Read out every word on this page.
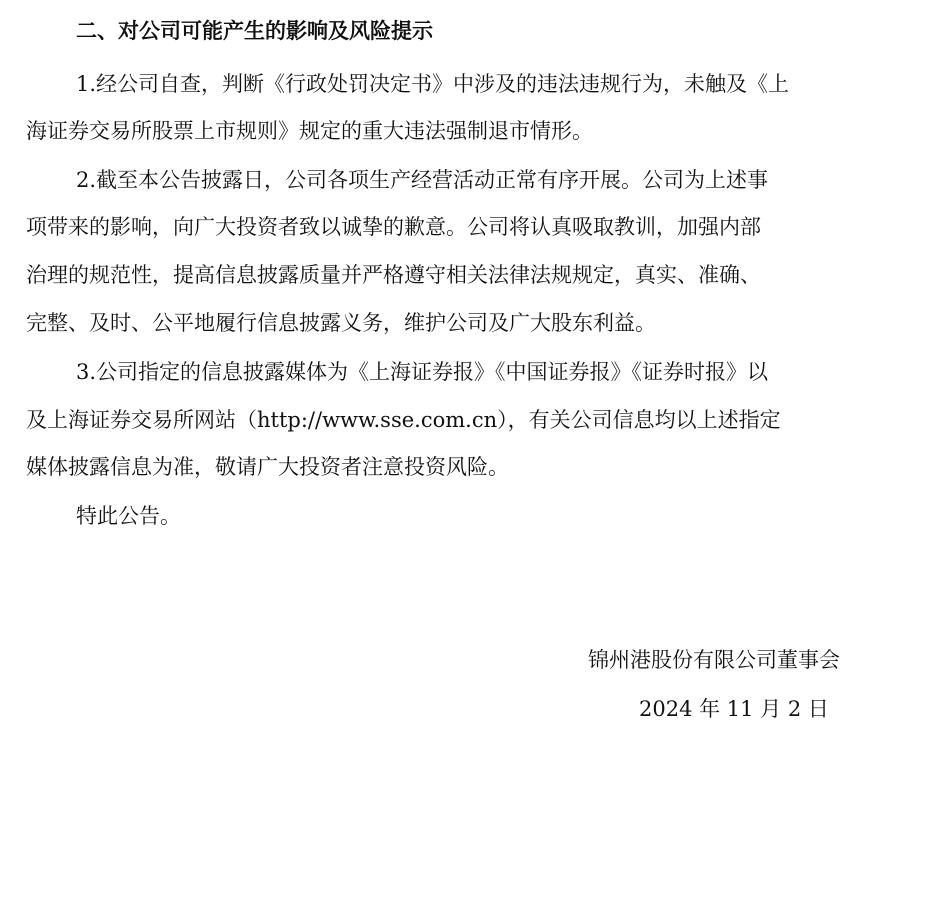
二、对公司可能产生的影响及风险提示
1.经公司自查，判断《行政处罚决定书》中涉及的违法违规行为，未触及《上
海证券交易所股票上市规则》规定的重大违法强制退市情形。
2.截至本公告披露日，公司各项生产经营活动正常有序开展。公司为上述事
项带来的影响，向广大投资者致以诚挚的歉意。公司将认真吸取教训，加强内部
治理的规范性，提高信息披露质量并严格遵守相关法律法规规定，真实、准确、
完整、及时、公平地履行信息披露义务，维护公司及广大股东利益。
3.公司指定的信息披露媒体为《上海证券报》《中国证券报》《证券时报》以
及上海证券交易所网站（http://www.sse.com.cn），有关公司信息均以上述指定
媒体披露信息为准，敬请广大投资者注意投资风险。
特此公告。
锦州港股份有限公司董事会
2024 年 11 月 2 日
